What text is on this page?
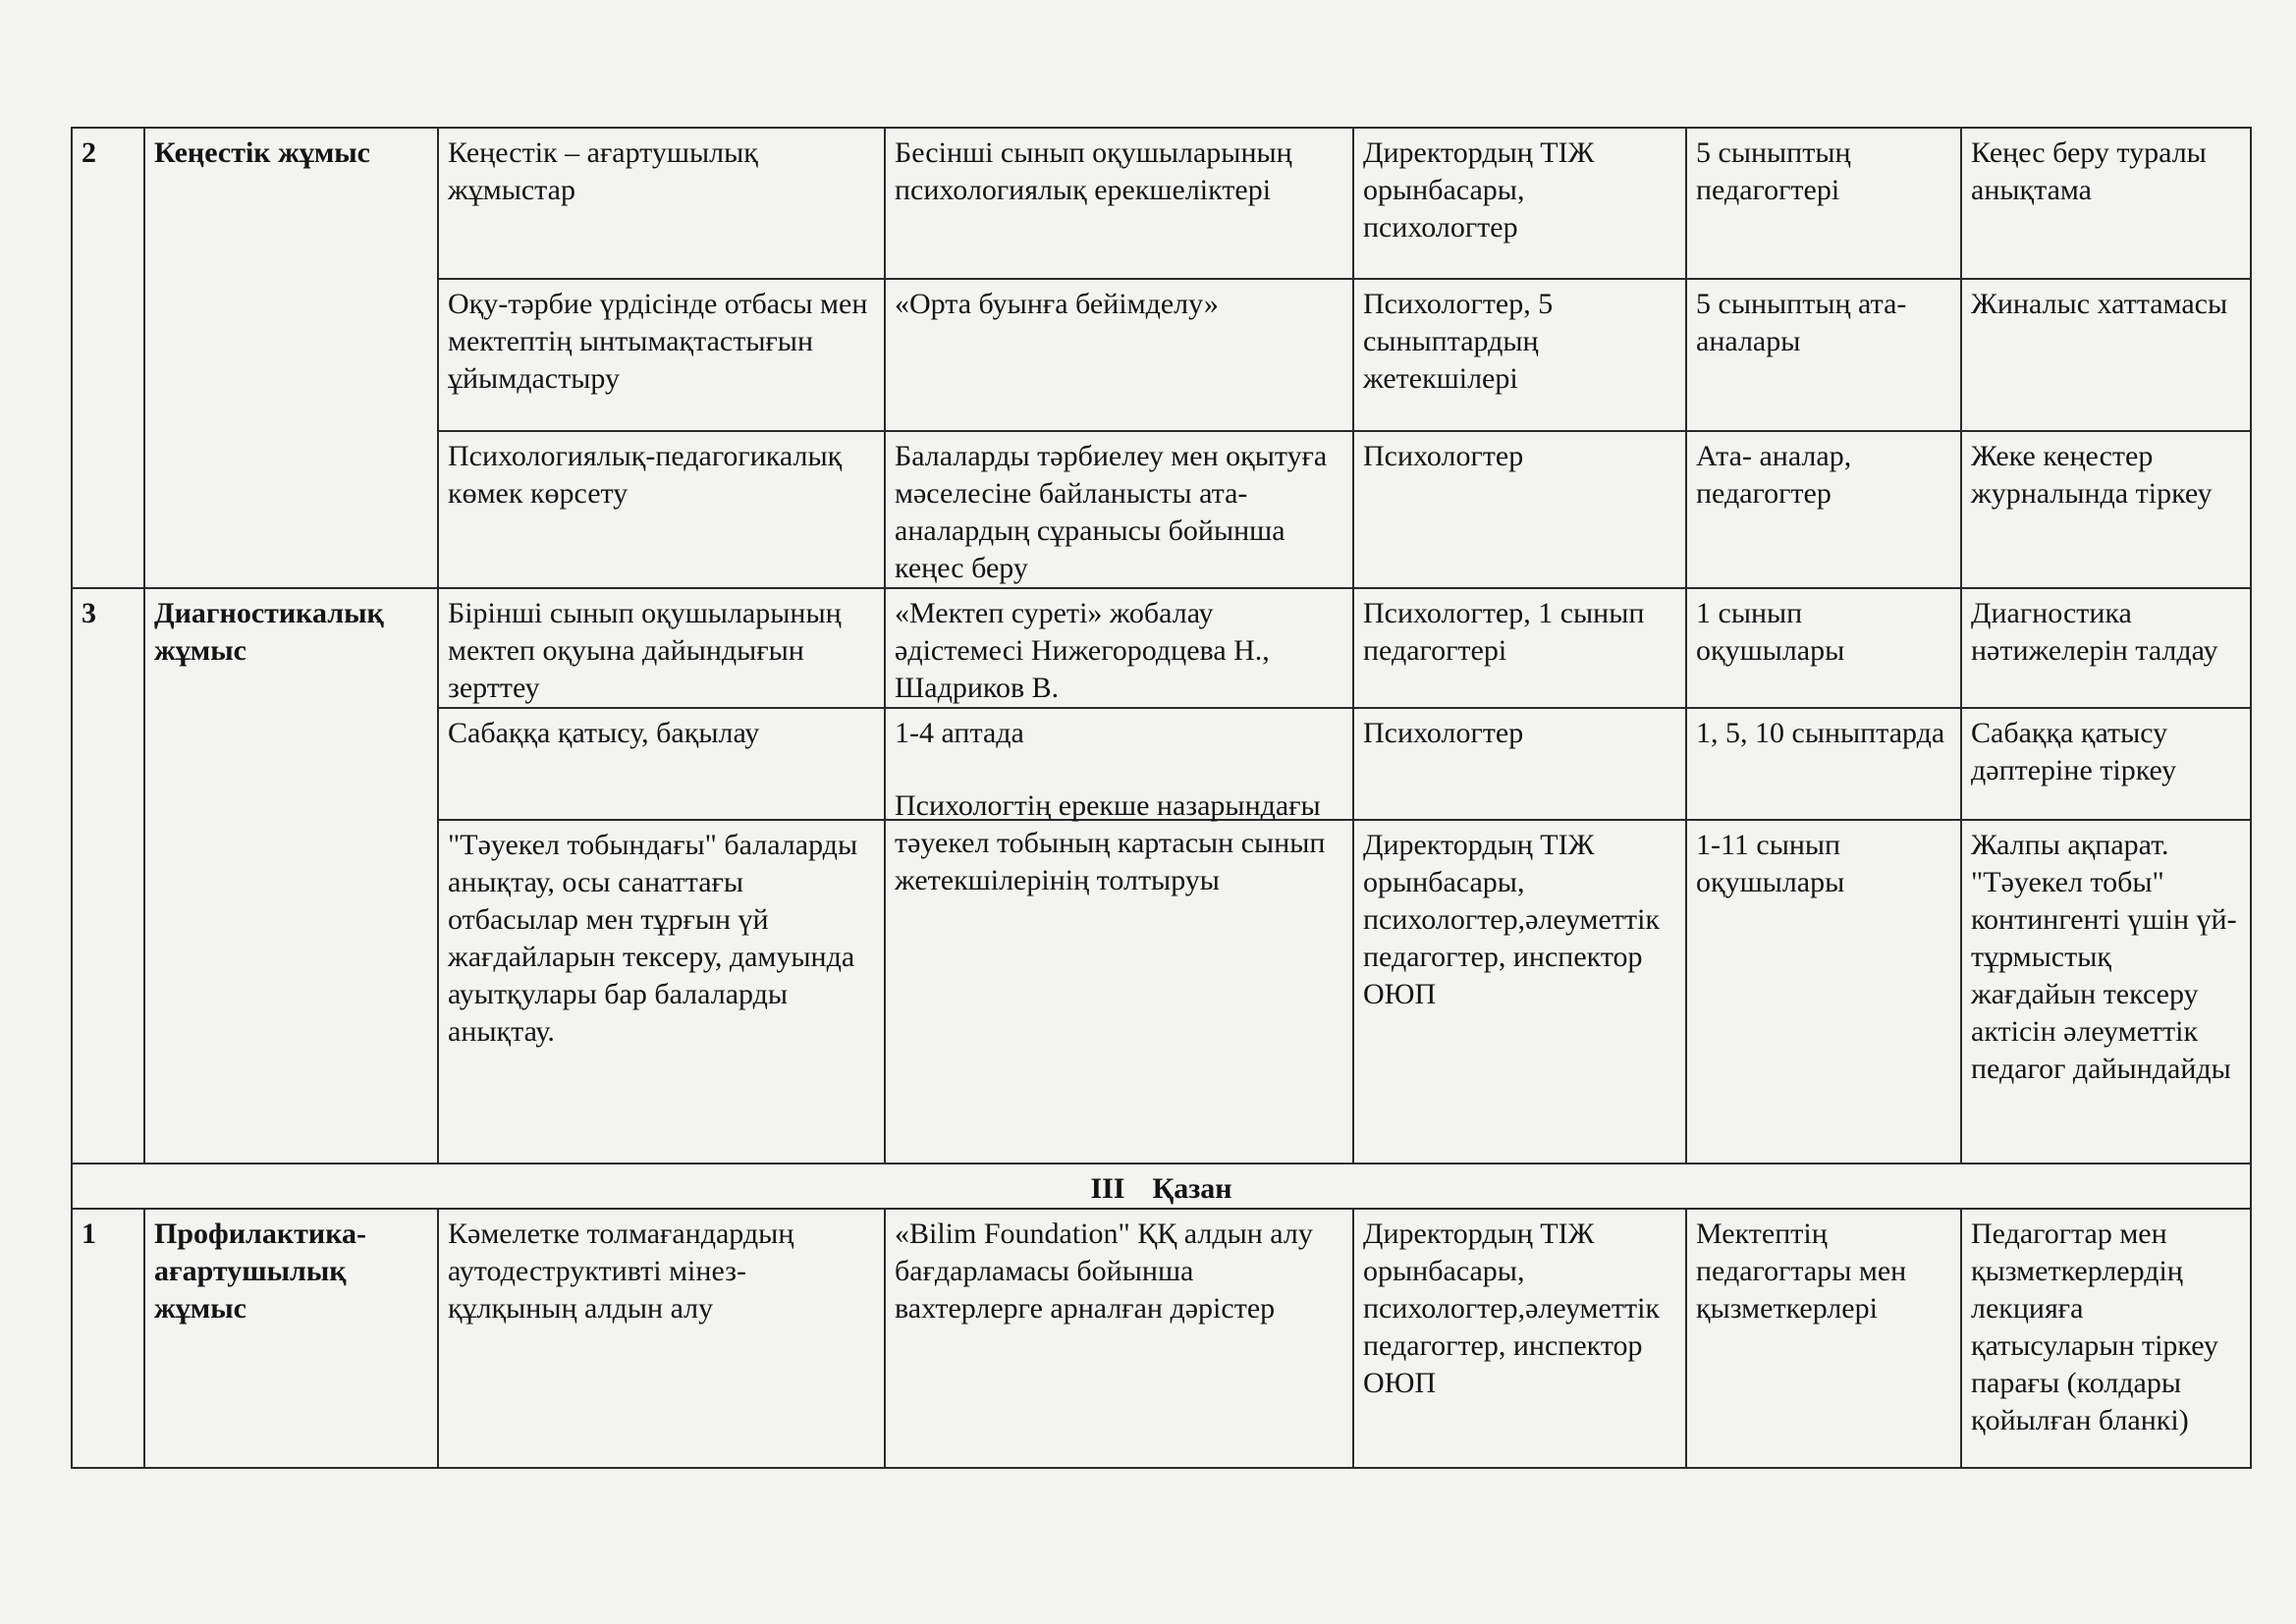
2	Кеңестік жұмыс	Кеңестік – ағартушылық жұмыстар	Бесінші сынып оқушыларының психологиялық ерекшеліктері	Директордың ТІЖ орынбасары, психологтер	5 сыныптың педагогтері	Кеңес беру туралы анықтама
		Оқу-тәрбие үрдісінде отбасы мен мектептің ынтымақтастығын ұйымдастыру	«Орта буынға бейімделу»	Психологтер, 5 сыныптардың жетекшілері	5 сыныптың ата-аналары	Жиналыс хаттамасы
		Психологиялық-педагогикалық көмек көрсету	Балаларды тәрбиелеу мен оқытуға мәселесіне байланысты ата-аналардың сұранысы бойынша кеңес беру	Психологтер	Ата- аналар, педагогтер	Жеке кеңестер журналында тіркеу
3	Диагностикалық жұмыс	Бірінші сынып оқушыларының мектеп оқуына дайындығын зерттеу	«Мектеп суреті» жобалау әдістемесі Нижегородцева Н., Шадриков В.	Психологтер, 1 сынып педагогтері	1 сынып оқушылары	Диагностика нәтижелерін талдау
		Сабаққа қатысу, бақылау	1-4 аптада	Психологтер	1, 5, 10 сыныптарда	Сабаққа қатысу дәптеріне тіркеу
		"Тәуекел тобындағы" балаларды анықтау, осы санаттағы отбасылар мен тұрғын үй жағдайларын тексеру, дамуында ауытқулары бар балаларды анықтау.	Психологтің ерекше назарындағы тәуекел тобының картасын сынып жетекшілерінің толтыруы	Директордың ТІЖ орынбасары, психологтер,әлеуметтік педагогтер, инспектор ОЮП	1-11 сынып оқушылары	Жалпы ақпарат. "Тәуекел тобы" контингенті үшін үй-тұрмыстық жағдайын тексеру актісін әлеуметтік педагог дайындайды
III Қазан						
1	Профилактика-ағартушылық жұмыс	Кәмелетке толмағандардың аутодеструктивті мінез-құлқының алдын алу	«Bilim Foundation" ҚҚ алдын алу бағдарламасы бойынша вахтерлерге арналған дәрістер	Директордың ТІЖ орынбасары, психологтер,әлеуметтік педагогтер, инспектор ОЮП	Мектептің педагогтары мен қызметкерлері	Педагогтар мен қызметкерлердің лекцияға қатысуларын тіркеу парағы (колдары қойылған бланкі)
